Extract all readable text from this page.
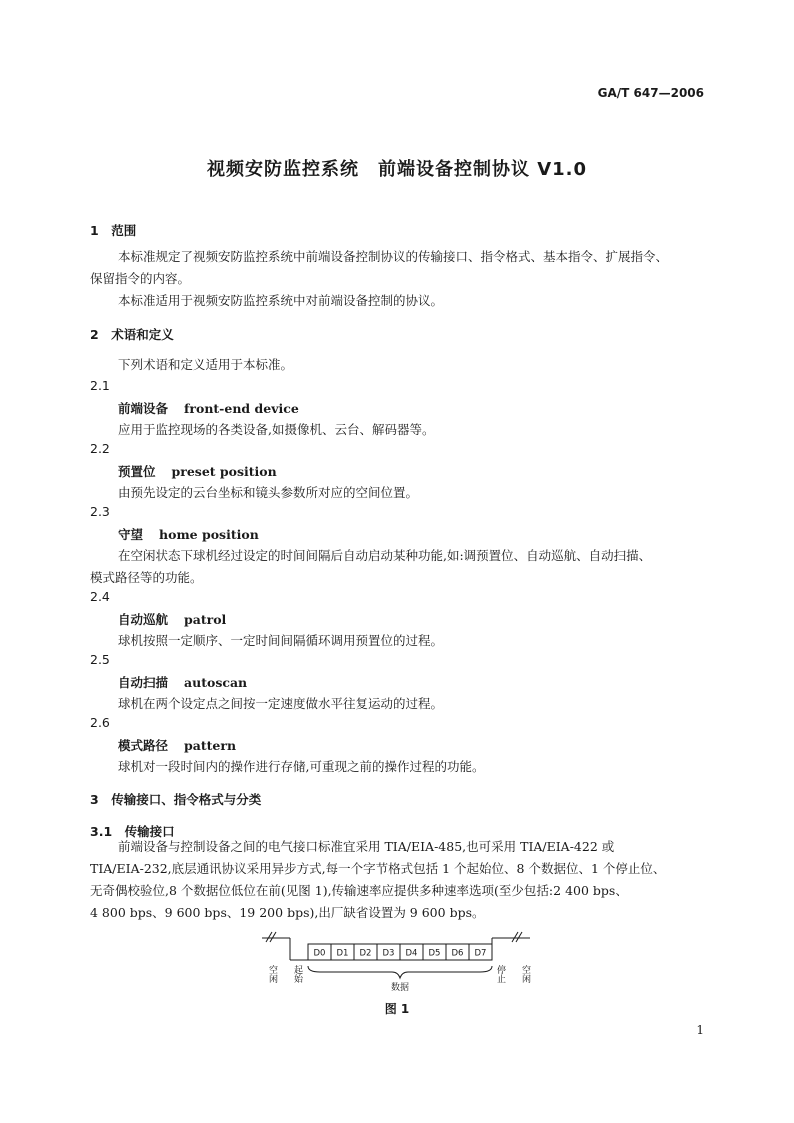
GA/T 647—2006
视频安防监控系统　前端设备控制协议 V1.0
1　范围
本标准规定了视频安防监控系统中前端设备控制协议的传输接口、指令格式、基本指令、扩展指令、
保留指令的内容。
本标准适用于视频安防监控系统中对前端设备控制的协议。
2　术语和定义
下列术语和定义适用于本标准。
2.1
前端设备 front-end device
应用于监控现场的各类设备,如摄像机、云台、解码器等。
2.2
预置位 preset position
由预先设定的云台坐标和镜头参数所对应的空间位置。
2.3
守望 home position
在空闲状态下球机经过设定的时间间隔后自动启动某种功能,如:调预置位、自动巡航、自动扫描、
模式路径等的功能。
2.4
自动巡航 patrol
球机按照一定顺序、一定时间间隔循环调用预置位的过程。
2.5
自动扫描 autoscan
球机在两个设定点之间按一定速度做水平往复运动的过程。
2.6
模式路径 pattern
球机对一段时间内的操作进行存储,可重现之前的操作过程的功能。
3　传输接口、指令格式与分类
3.1　传输接口
前端设备与控制设备之间的电气接口标准宜采用 TIA/EIA-485,也可采用 TIA/EIA-422 或
TIA/EIA-232,底层通讯协议采用异步方式,每一个字节格式包括 1 个起始位、8 个数据位、1 个停止位、
无奇偶校验位,8 个数据位低位在前(见图 1),传输速率应提供多种速率选项(至少包括:2 400 bps、
4 800 bps、9 600 bps、19 200 bps),出厂缺省设置为 9 600 bps。
D0 D1 D2 D3 D4 D5 D6 D7
空闲 起始
数据
停止 空闲
图 1
1
